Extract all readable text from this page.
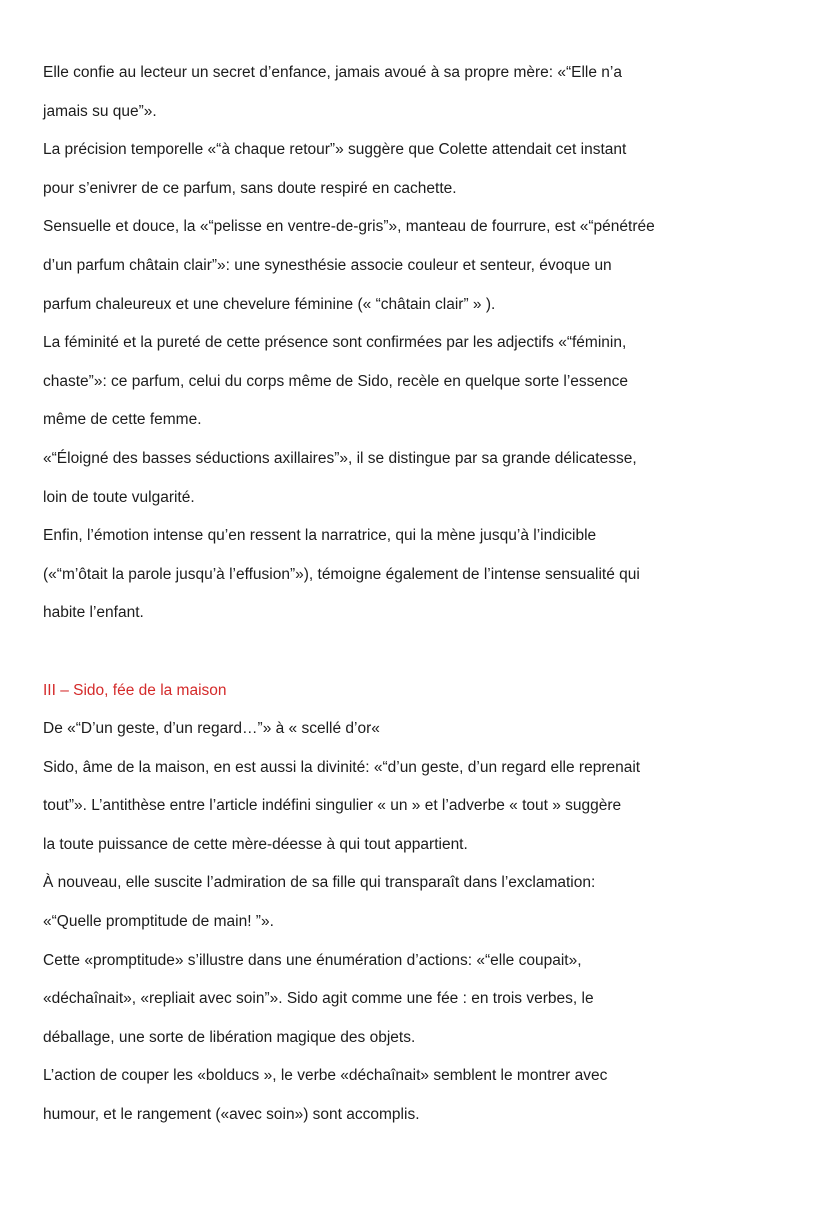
Elle confie au lecteur un secret d’enfance, jamais avoué à sa propre mère: «“Elle n’a
jamais su que”».
La précision temporelle «“à chaque retour”» suggère que Colette attendait cet instant
pour s’enivrer de ce parfum, sans doute respiré en cachette.
Sensuelle et douce, la «“pelisse en ventre-de-gris”», manteau de fourrure, est «“pénétrée
d’un parfum châtain clair”»: une synesthésie associe couleur et senteur, évoque un
parfum chaleureux et une chevelure féminine (« “châtain clair” » ).
La féminité et la pureté de cette présence sont confirmées par les adjectifs «“féminin,
chaste”»: ce parfum, celui du corps même de Sido, recèle en quelque sorte l’essence
même de cette femme.
«“Éloigné des basses séductions axillaires”», il se distingue par sa grande délicatesse,
loin de toute vulgarité.
Enfin, l’émotion intense qu’en ressent la narratrice, qui la mène jusqu’à l’indicible
(«“m’ôtait la parole jusqu’à l’effusion”»), témoigne également de l’intense sensualité qui
habite l’enfant.
III – Sido, fée de la maison
De «“D’un geste, d’un regard…”» à « scellé d’or«
Sido, âme de la maison, en est aussi la divinité: «“d’un geste, d’un regard elle reprenait
tout”». L’antithèse entre l’article indéfini singulier « un » et l’adverbe « tout » suggère
la toute puissance de cette mère-déesse à qui tout appartient.
À nouveau, elle suscite l’admiration de sa fille qui transparaît dans l’exclamation:
«“Quelle promptitude de main! ”».
Cette «promptitude» s’illustre dans une énumération d’actions: «“elle coupait»,
«déchaînait», «repliait avec soin”». Sido agit comme une fée : en trois verbes, le
déballage, une sorte de libération magique des objets.
L’action de couper les «bolducs », le verbe «déchaînait» semblent le montrer avec
humour, et le rangement («avec soin») sont accomplis.
